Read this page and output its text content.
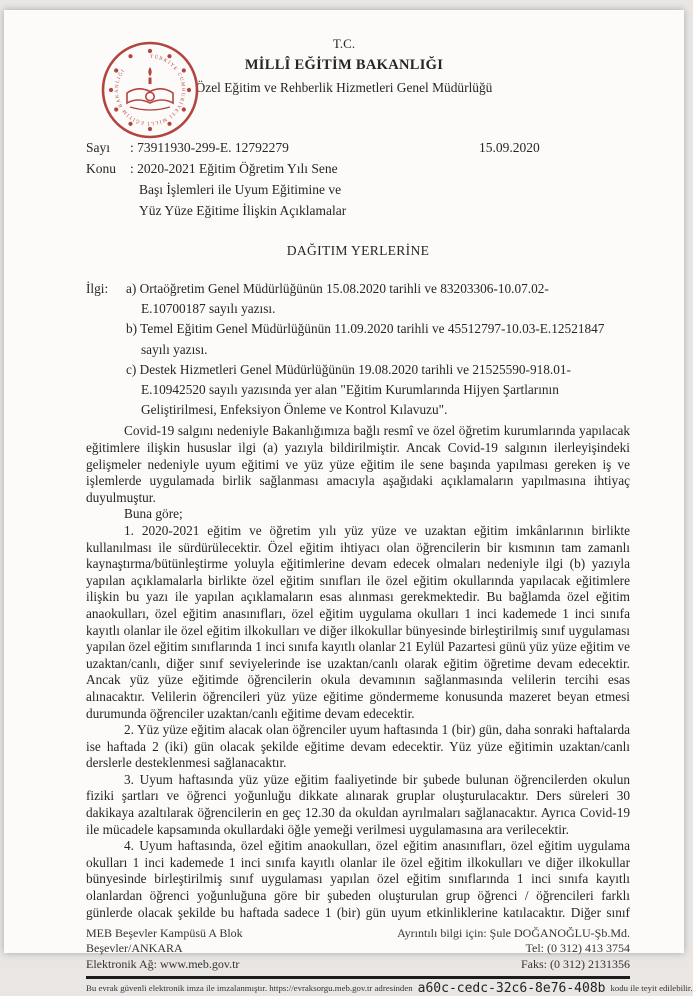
TÜRKİYE CUMHURİYETİ MİLLÎ EĞİTİM BAKANLIĞI
T.C.
MİLLÎ EĞİTİM BAKANLIĞI
Özel Eğitim ve Rehberlik Hizmetleri Genel Müdürlüğü
Sayı	: 73911930-299-E. 12792279	15.09.2020
Konu	: 2020-2021 Eğitim Öğretim Yılı Sene
Başı İşlemleri ile Uyum Eğitimine ve
Yüz Yüze Eğitime İlişkin Açıklamalar
DAĞITIM YERLERİNE
İlgi:	a) Ortaöğretim Genel Müdürlüğünün 15.08.2020 tarihli ve 83203306-10.07.02-
E.10700187 sayılı yazısı.
b) Temel Eğitim Genel Müdürlüğünün 11.09.2020 tarihli ve 45512797-10.03-E.12521847
sayılı yazısı.
c) Destek Hizmetleri Genel Müdürlüğünün 19.08.2020 tarihli ve 21525590-918.01-
E.10942520 sayılı yazısında yer alan "Eğitim Kurumlarında Hijyen Şartlarının
Geliştirilmesi, Enfeksiyon Önleme ve Kontrol Kılavuzu".

Covid-19 salgını nedeniyle Bakanlığımıza bağlı resmî ve özel öğretim kurumlarında yapılacak eğitimlere ilişkin hususlar ilgi (a) yazıyla bildirilmiştir. Ancak Covid-19 salgının ilerleyişindeki gelişmeler nedeniyle uyum eğitimi ve yüz yüze eğitim ile sene başında yapılması gereken iş ve işlemlerde uygulamada birlik sağlanması amacıyla aşağıdaki açıklamaların yapılmasına ihtiyaç duyulmuştur.

Buna göre;

1. 2020-2021 eğitim ve öğretim yılı yüz yüze ve uzaktan eğitim imkânlarının birlikte kullanılması ile sürdürülecektir. Özel eğitim ihtiyacı olan öğrencilerin bir kısmının tam zamanlı kaynaştırma/bütünleştirme yoluyla eğitimlerine devam edecek olmaları nedeniyle ilgi (b) yazıyla yapılan açıklamalarla birlikte özel eğitim sınıfları ile özel eğitim okullarında yapılacak eğitimlere ilişkin bu yazı ile yapılan açıklamaların esas alınması gerekmektedir. Bu bağlamda özel eğitim anaokulları, özel eğitim anasınıfları, özel eğitim uygulama okulları 1 inci kademede 1 inci sınıfa kayıtlı olanlar ile özel eğitim ilkokulları ve diğer ilkokullar bünyesinde birleştirilmiş sınıf uygulaması yapılan özel eğitim sınıflarında 1 inci sınıfa kayıtlı olanlar 21 Eylül Pazartesi günü yüz yüze eğitim ve uzaktan/canlı, diğer sınıf seviyelerinde ise uzaktan/canlı olarak eğitim öğretime devam edecektir. Ancak yüz yüze eğitimde öğrencilerin okula devamının sağlanmasında velilerin tercihi esas alınacaktır. Velilerin öğrencileri yüz yüze eğitime göndermeme konusunda mazeret beyan etmesi durumunda öğrenciler uzaktan/canlı eğitime devam edecektir.

2. Yüz yüze eğitim alacak olan öğrenciler uyum haftasında 1 (bir) gün, daha sonraki haftalarda ise haftada 2 (iki) gün olacak şekilde eğitime devam edecektir. Yüz yüze eğitimin uzaktan/canlı derslerle desteklenmesi sağlanacaktır.

3. Uyum haftasında yüz yüze eğitim faaliyetinde bir şubede bulunan öğrencilerden okulun fiziki şartları ve öğrenci yoğunluğu dikkate alınarak gruplar oluşturulacaktır. Ders süreleri 30 dakikaya azaltılarak öğrencilerin en geç 12.30 da okuldan ayrılmaları sağlanacaktır. Ayrıca Covid-19 ile mücadele kapsamında okullardaki öğle yemeği verilmesi uygulamasına ara verilecektir.

4. Uyum haftasında, özel eğitim anaokulları, özel eğitim anasınıfları, özel eğitim uygulama okulları 1 inci kademede 1 inci sınıfa kayıtlı olanlar ile özel eğitim ilkokulları ve diğer ilkokullar bünyesinde birleştirilmiş sınıf uygulaması yapılan özel eğitim sınıflarında 1 inci sınıfa kayıtlı olanlardan öğrenci yoğunluğuna göre bir şubeden oluşturulan grup öğrenci / öğrencileri farklı günlerde olacak şekilde bu haftada sadece 1 (bir) gün uyum etkinliklerine katılacaktır. Diğer sınıf

MEB Beşevler Kampüsü A Blok
Beşevler/ANKARA
Elektronik Ağ: www.meb.gov.tr
Ayrıntılı bilgi için: Şule DOĞANOĞLU-Şb.Md.
Tel: (0 312) 413 3754
Faks: (0 312) 2131356
Bu evrak güvenli elektronik imza ile imzalanmıştır. https://evraksorgu.meb.gov.tr adresinden a60c-cedc-32c6-8e76-408b kodu ile teyit edilebilir.
